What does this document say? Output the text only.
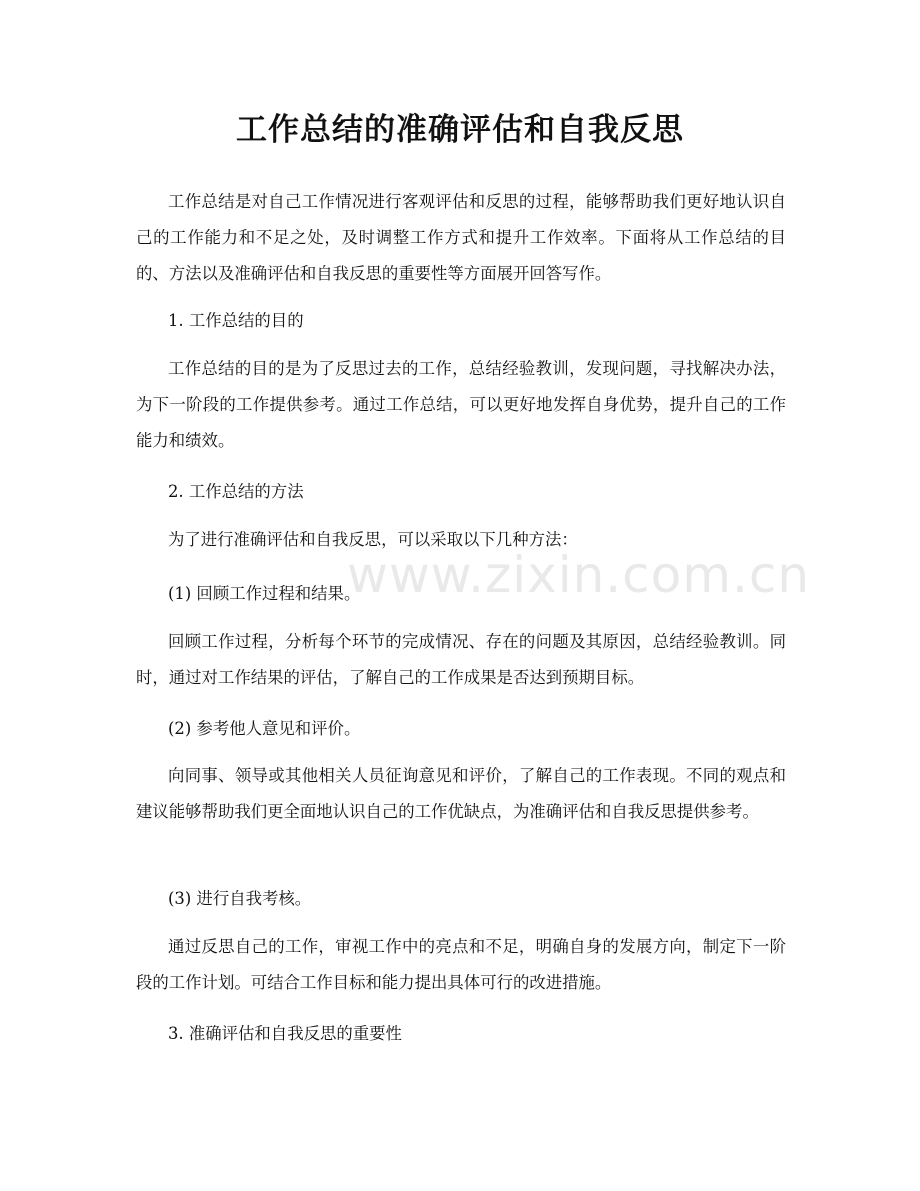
工作总结的准确评估和自我反思

工作总结是对自己工作情况进行客观评估和反思的过程，能够帮助我们更好地认识自己的工作能力和不足之处，及时调整工作方式和提升工作效率。下面将从工作总结的目的、方法以及准确评估和自我反思的重要性等方面展开回答写作。

1. 工作总结的目的

工作总结的目的是为了反思过去的工作，总结经验教训，发现问题，寻找解决办法，为下一阶段的工作提供参考。通过工作总结，可以更好地发挥自身优势，提升自己的工作能力和绩效。

2. 工作总结的方法

为了进行准确评估和自我反思，可以采取以下几种方法：

(1) 回顾工作过程和结果。

回顾工作过程，分析每个环节的完成情况、存在的问题及其原因，总结经验教训。同时，通过对工作结果的评估，了解自己的工作成果是否达到预期目标。

(2) 参考他人意见和评价。

向同事、领导或其他相关人员征询意见和评价，了解自己的工作表现。不同的观点和建议能够帮助我们更全面地认识自己的工作优缺点，为准确评估和自我反思提供参考。

(3) 进行自我考核。

通过反思自己的工作，审视工作中的亮点和不足，明确自身的发展方向，制定下一阶段的工作计划。可结合工作目标和能力提出具体可行的改进措施。

3. 准确评估和自我反思的重要性

www.zixin.com.cn
